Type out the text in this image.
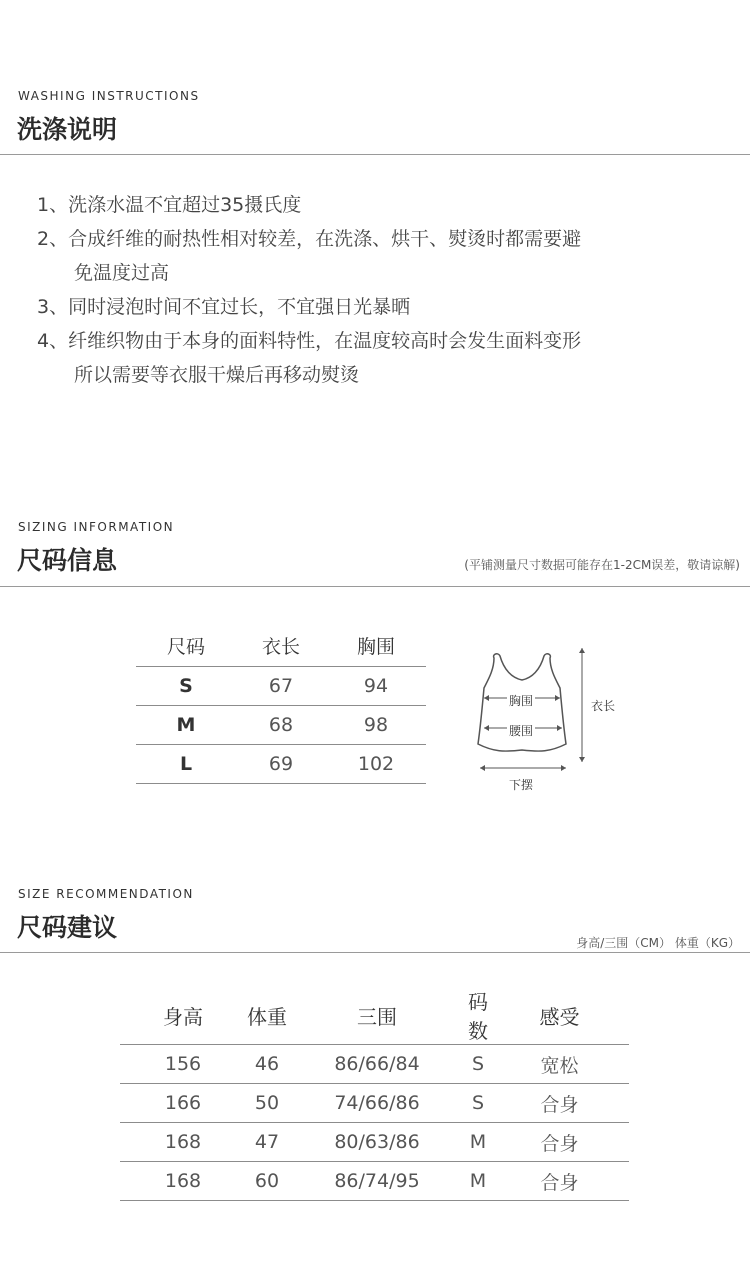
WASHING INSTRUCTIONS
洗涤说明
1、洗涤水温不宜超过35摄氏度
2、合成纤维的耐热性相对较差，在洗涤、烘干、熨烫时都需要避
免温度过高
3、同时浸泡时间不宜过长，不宜强日光暴晒
4、纤维织物由于本身的面料特性，在温度较高时会发生面料变形
所以需要等衣服干燥后再移动熨烫
SIZING INFORMATION
尺码信息	(平铺测量尺寸数据可能存在1-2CM误差，敬请谅解)
尺码	衣长	胸围
S	67	94
M	68	98
L	69	102
胸围
腰围
下摆
衣长
SIZE RECOMMENDATION
尺码建议
身高/三围（CM） 体重（KG）
身高	体重	三围	码数	感受
156	46	86/66/84	S	宽松
166	50	74/66/86	S	合身
168	47	80/63/86	M	合身
168	60	86/74/95	M	合身
